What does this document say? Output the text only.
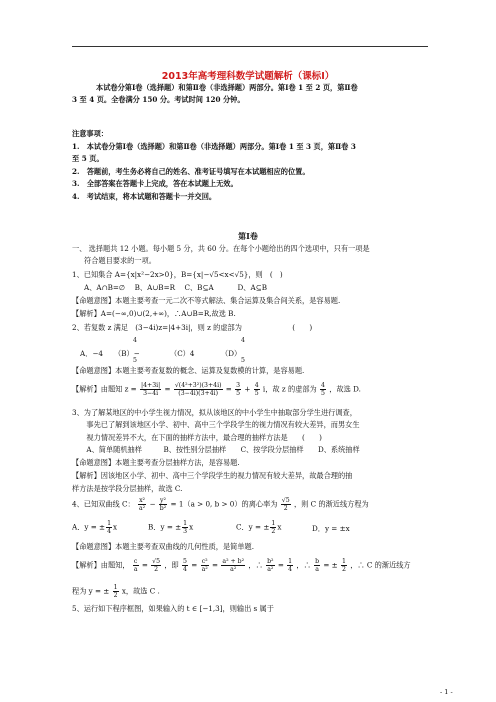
2013年高考理科数学试题解析（课标Ⅰ）
本试卷分第Ⅰ卷（选择题）和第Ⅱ卷（非选择题）两部分。第Ⅰ卷 1 至 2 页，第Ⅱ卷
3 至 4 页。全卷满分 150 分。考试时间 120 分钟。
注意事项：
1.　本试卷分第Ⅰ卷（选择题）和第Ⅱ卷（非选择题）两部分。第Ⅰ卷 1 至 3 页，第Ⅱ卷 3
至 5 页。
2.　答题前，考生务必将自己的姓名、准考证号填写在本试题相应的位置。
3.　全部答案在答题卡上完成，答在本试题上无效。
4.　考试结束，将本试题和答题卡一并交回。
第Ⅰ卷
一、 选择题共 12 小题。每小题 5 分，共 60 分。在每个小题给出的四个选项中，只有一项是
符合题目要求的一项。
1、已知集合 A={x|x²−2x>0}，B={x|−√5<x<√5}，则　(　)
A、A∩B=∅　 B、A∪B=R　 C、B⊆A　　　 D、A⊆B
【命题意图】本题主要考查一元二次不等式解法、集合运算及集合间关系，是容易题.
【解析】A=(−∞,0)∪(2,+∞)，∴A∪B=R,故选 B.
2、若复数 z 满足　(3−4i)z=|4+3i|，则 z 的虚部为　　　　　　　(　　)
A．−4 （B）−
4
5
（C）4	（D）
4
5
【命题意图】本题主要考查复数的概念、运算及复数模的计算，是容易题.
【解析】由题知 $z = \frac{|4+3i|}{3-4i} = \frac{\text{√(4²+3²)(3+4i)}}{(3-4i)(3+4i)} = \frac{3}{5} + \frac{4}{5}$ i，故 z 的虚部为 $\frac{4}{5}$ ，故选 D.
3、为了解某地区的中小学生视力情况，拟从该地区的中小学生中抽取部分学生进行调查，
　　事先已了解到该地区小学、初中、高中三个学段学生的视力情况有较大差异，而男女生
　　视力情况差异不大，在下面的抽样方法中，最合理的抽样方法是　　(　　)
　　A、简单随机抽样　　　B、按性别分层抽样　　C、按学段分层抽样　　D、系统抽样
【命题意图】本题主要考查分层抽样方法，是容易题.
【解析】因该地区小学、初中、高中三个学段学生的视力情况有较大差异，故最合理的抽
样方法是按学段分层抽样，故选 C.
4、已知双曲线 C： $\frac{\text{x²}}{\text{a²}} - \frac{\text{y²}}{\text{b²}} = 1(a > 0$, b > 0）的离心率为 $\frac{√5}{2}$ ，则 C 的渐近线方程为
A．y = ± $\frac{1}{4}$ x	B．y = ± $\frac{1}{3}$ x	C．y = ± $\frac{1}{2}$ x	D．y = ±x
【命题意图】本题主要考查双曲线的几何性质，是简单题.
【解析】由题知， $\frac{c}{a} = \frac{√5}{2}$ ，即 $\frac{5}{4} = \frac{\text{c²}}{\text{a²}} = \frac{\text{a² + b²}}{\text{a²}}$ ，∴ $\frac{\text{b²}}{\text{a²}} = \frac{1}{4}$ ，∴ $\frac{b}{a}$ = ± $\frac{1}{2}$ ，∴ C 的渐近线方
程为 y = ± $\frac{1}{2}$ x，故选 C .
5、运行如下程序框图，如果输入的 t ∈ [−1,3]，则输出 s 属于
- 1 -
